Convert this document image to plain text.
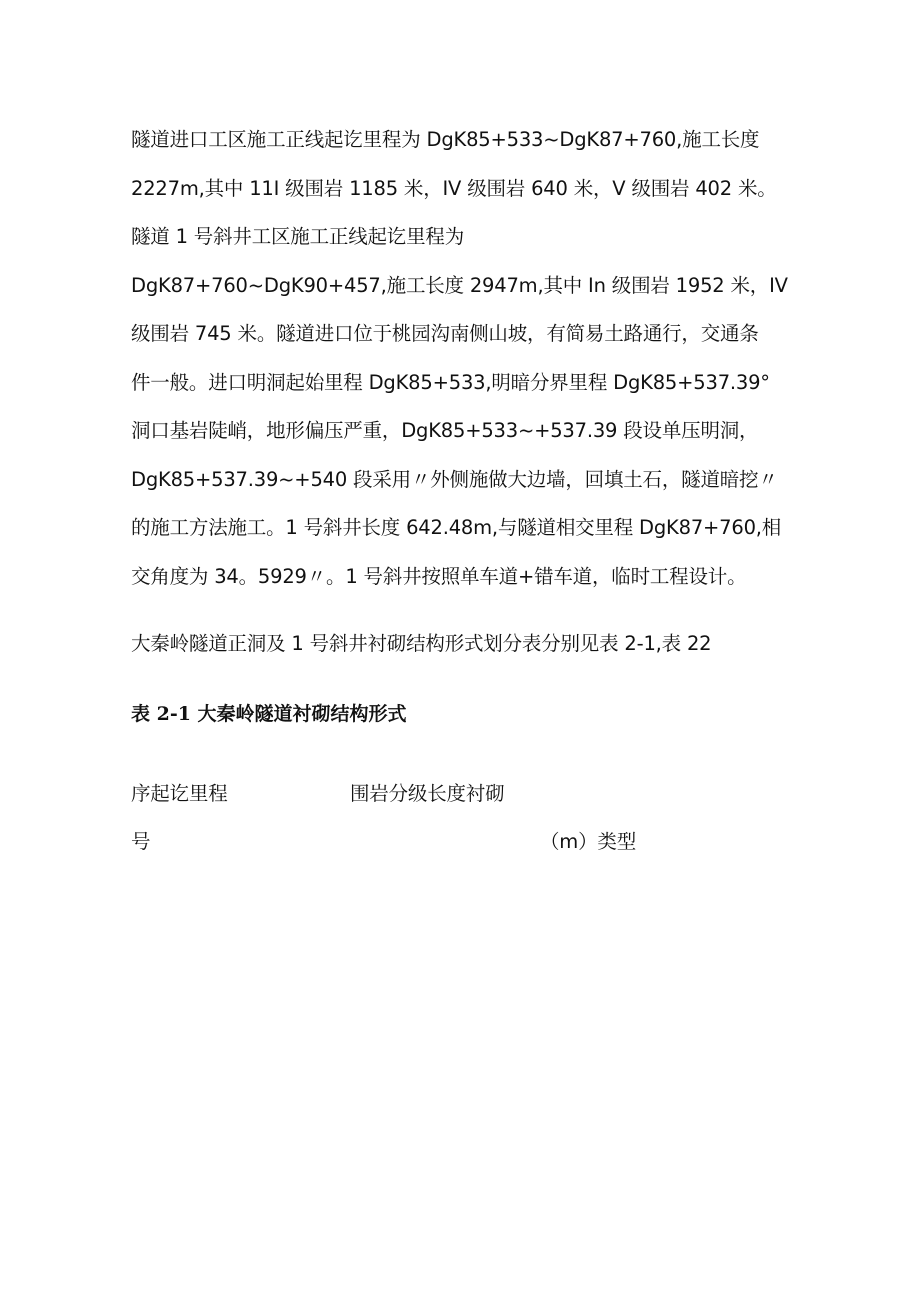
隧道进口工区施工正线起讫里程为 DgK85+533~DgK87+760,施工长度
2227m,其中 11I 级围岩 1185 米，IV 级围岩 640 米，V 级围岩 402 米。
隧道 1 号斜井工区施工正线起讫里程为
DgK87+760~DgK90+457,施工长度 2947m,其中 In 级围岩 1952 米，IV
级围岩 745 米。隧道进口位于桃园沟南侧山坡，有简易土路通行，交通条
件一般。进口明洞起始里程 DgK85+533,明暗分界里程 DgK85+537.39°
洞口基岩陡峭，地形偏压严重，DgK85+533~+537.39 段设单压明洞，
DgK85+537.39~+540 段采用〃外侧施做大边墙，回填土石，隧道暗挖〃
的施工方法施工。1 号斜井长度 642.48m,与隧道相交里程 DgK87+760,相
交角度为 34。5929〃。1 号斜井按照单车道+错车道，临时工程设计。
大秦岭隧道正洞及 1 号斜井衬砌结构形式划分表分别见表 2-1,表 22
表 2-1 大秦岭隧道衬砌结构形式
序起讫里程	围岩分级长度衬砌
号	（m）类型
